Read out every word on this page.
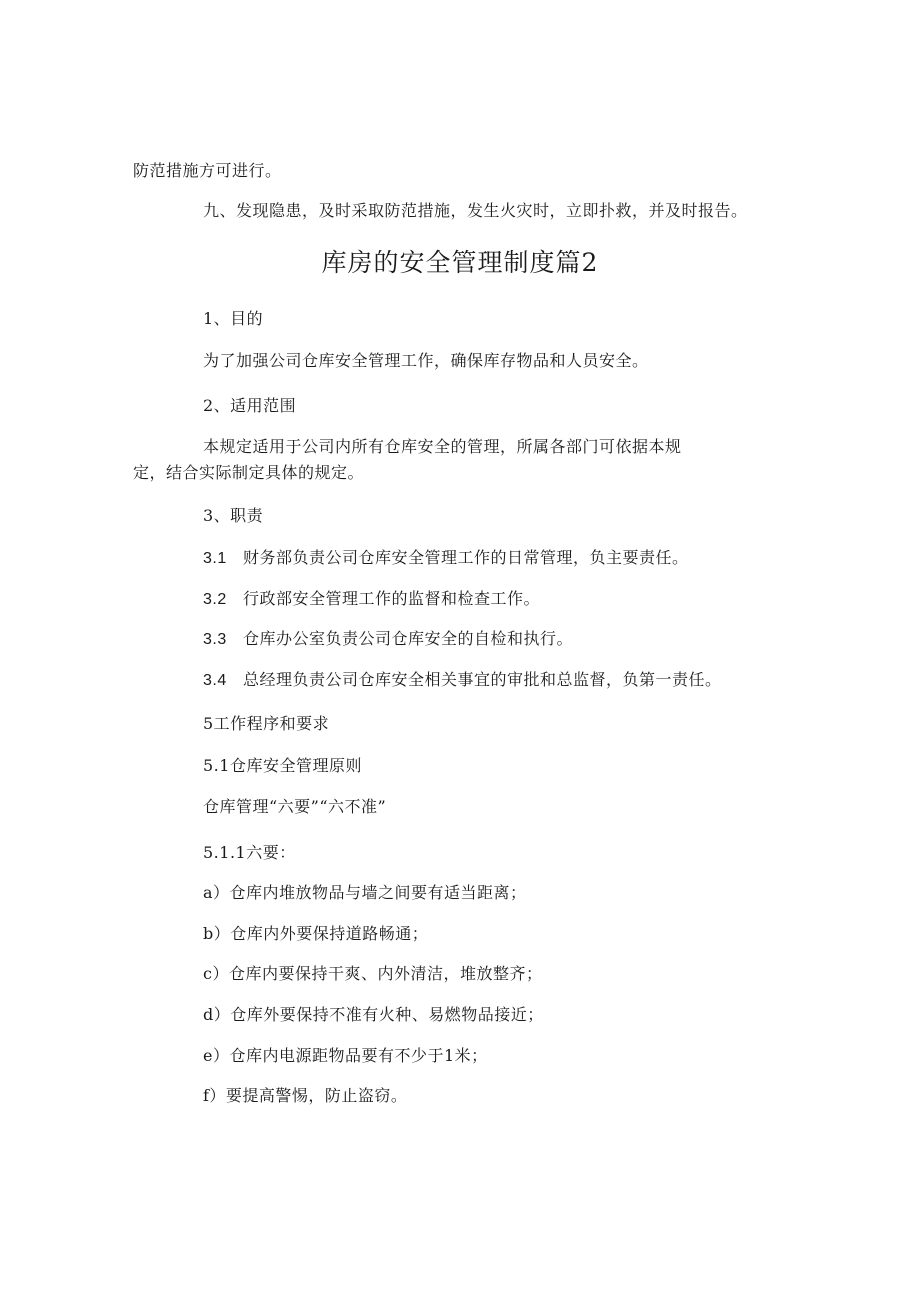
防范措施方可进行。
九、发现隐患，及时采取防范措施，发生火灾时，立即扑救，并及时报告。
库房的安全管理制度篇2
1、目的
为了加强公司仓库安全管理工作，确保库存物品和人员安全。
2、适用范围
本规定适用于公司内所有仓库安全的管理，所属各部门可依据本规定，结合实际制定具体的规定。
3、职责
3.1 财务部负责公司仓库安全管理工作的日常管理，负主要责任。
3.2 行政部安全管理工作的监督和检查工作。
3.3 仓库办公室负责公司仓库安全的自检和执行。
3.4 总经理负责公司仓库安全相关事宜的审批和总监督，负第一责任。
5工作程序和要求
5.1仓库安全管理原则
仓库管理“六要”“六不准”
5.1.1六要：
a）仓库内堆放物品与墙之间要有适当距离；
b）仓库内外要保持道路畅通；
c）仓库内要保持干爽、内外清洁，堆放整齐；
d）仓库外要保持不准有火种、易燃物品接近；
e）仓库内电源距物品要有不少于1米；
f）要提高警惕，防止盗窃。
